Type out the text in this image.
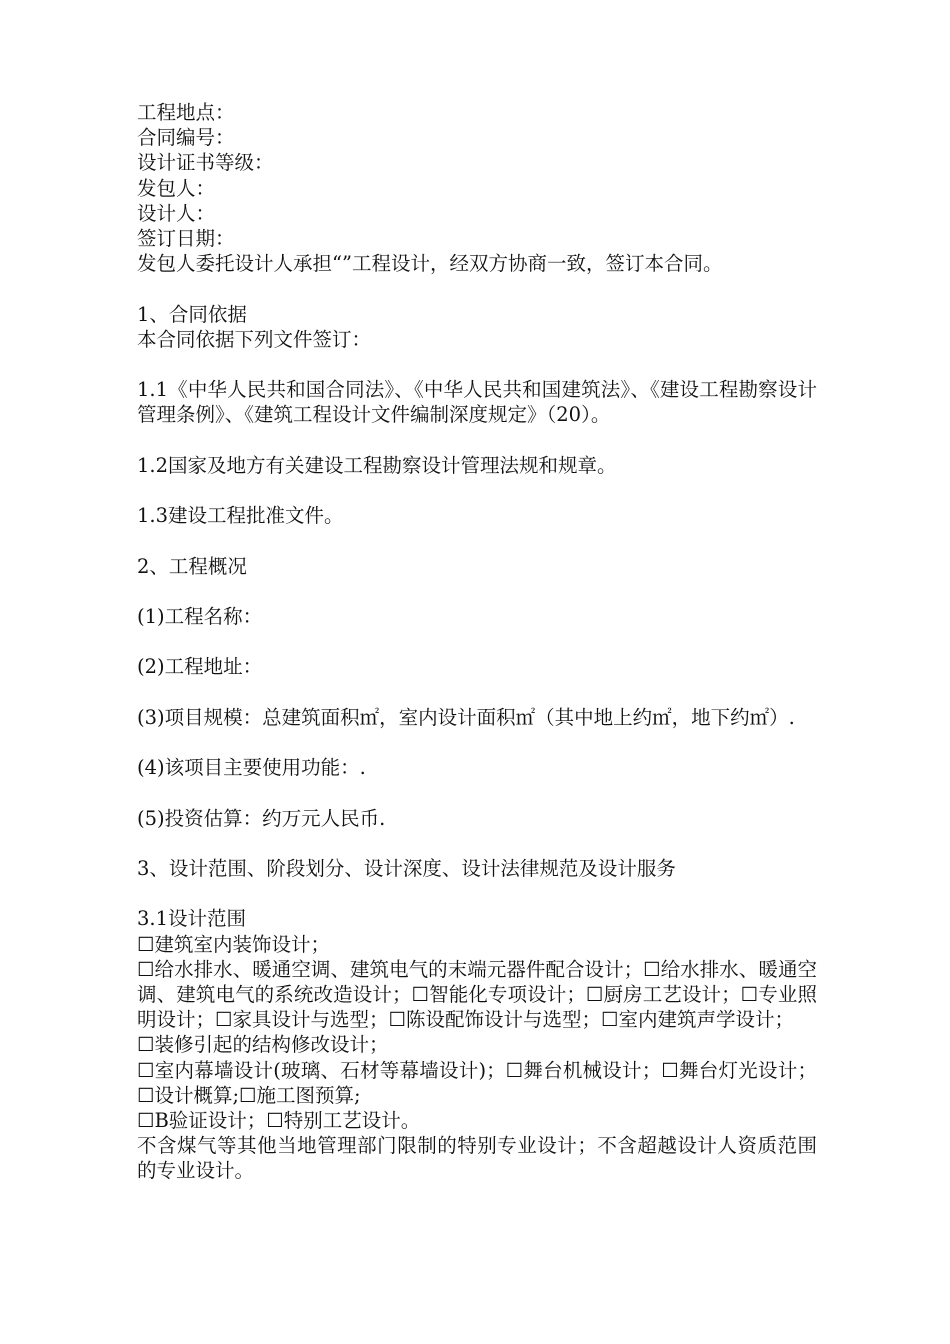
工程地点：

合同编号：

设计证书等级：

发包人：

设计人：

签订日期：

发包人委托设计人承担“”工程设计，经双方协商一致，签订本合同。

1、合同依据

本合同依据下列文件签订：

1.1《中华人民共和国合同法》、《中华人民共和国建筑法》、《建设工程勘察设计管理条例》、《建筑工程设计文件编制深度规定》（20）。

1.2国家及地方有关建设工程勘察设计管理法规和规章。

1.3建设工程批准文件。

2、工程概况

(1)工程名称：

(2)工程地址：

(3)项目规模：总建筑面积㎡，室内设计面积㎡（其中地上约㎡，地下约㎡）.

(4)该项目主要使用功能：.

(5)投资估算：约万元人民币.

3、设计范围、阶段划分、设计深度、设计法律规范及设计服务

3.1设计范围

☐建筑室内装饰设计；

☐给水排水、暖通空调、建筑电气的末端元器件配合设计；☐给水排水、暖通空调、建筑电气的系统改造设计；☐智能化专项设计；☐厨房工艺设计；☐专业照明设计；☐家具设计与选型；☐陈设配饰设计与选型；☐室内建筑声学设计；

☐装修引起的结构修改设计；

☐室内幕墙设计(玻璃、石材等幕墙设计)；☐舞台机械设计；☐舞台灯光设计；☐设计概算;☐施工图预算;

☐B验证设计；☐特别工艺设计。

不含煤气等其他当地管理部门限制的特别专业设计；不含超越设计人资质范围的专业设计。
